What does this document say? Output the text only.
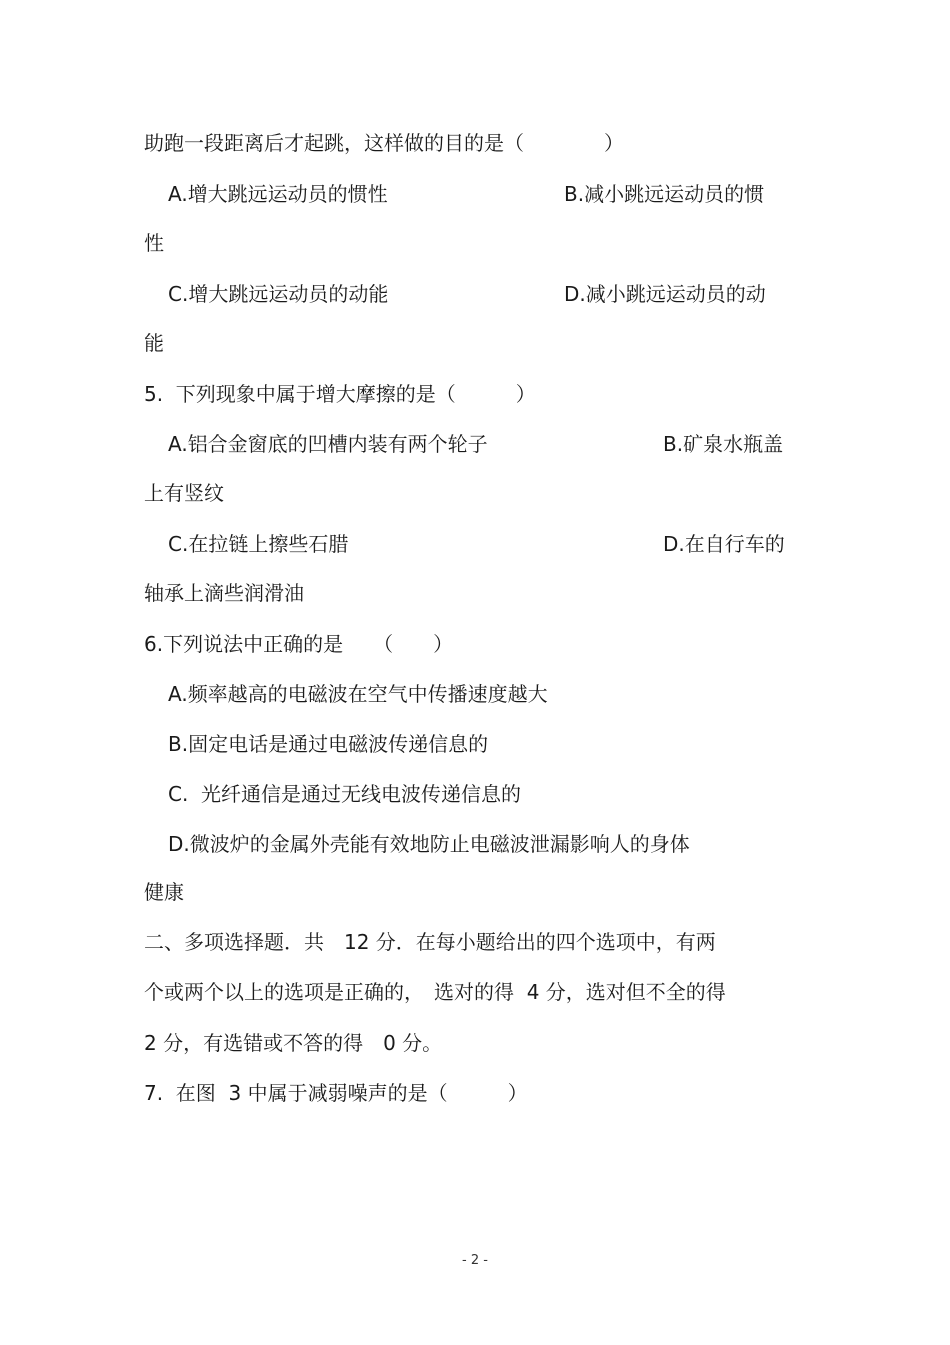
助跑一段距离后才起跳，这样做的目的是（　　　　）
A.增大跳远运动员的惯性	B.减小跳远运动员的惯
性
C.增大跳远运动员的动能	D.减小跳远运动员的动
能
5.  下列现象中属于增大摩擦的是（　　　）
A.铝合金窗底的凹槽内装有两个轮子	B.矿泉水瓶盖
上有竖纹
C.在拉链上擦些石腊	D.在自行车的
轴承上滴些润滑油
6.下列说法中正确的是　　（　　）
A.频率越高的电磁波在空气中传播速度越大
B.固定电话是通过电磁波传递信息的
C.  光纤通信是通过无线电波传递信息的
D.微波炉的金属外壳能有效地防止电磁波泄漏影响人的身体
健康
二、多项选择题．共　12 分．在每小题给出的四个选项中，有两
个或两个以上的选项是正确的，　选对的得  4 分，选对但不全的得
2 分，有选错或不答的得　0 分。
7.  在图  3 中属于减弱噪声的是（　　　）
- 2 -
